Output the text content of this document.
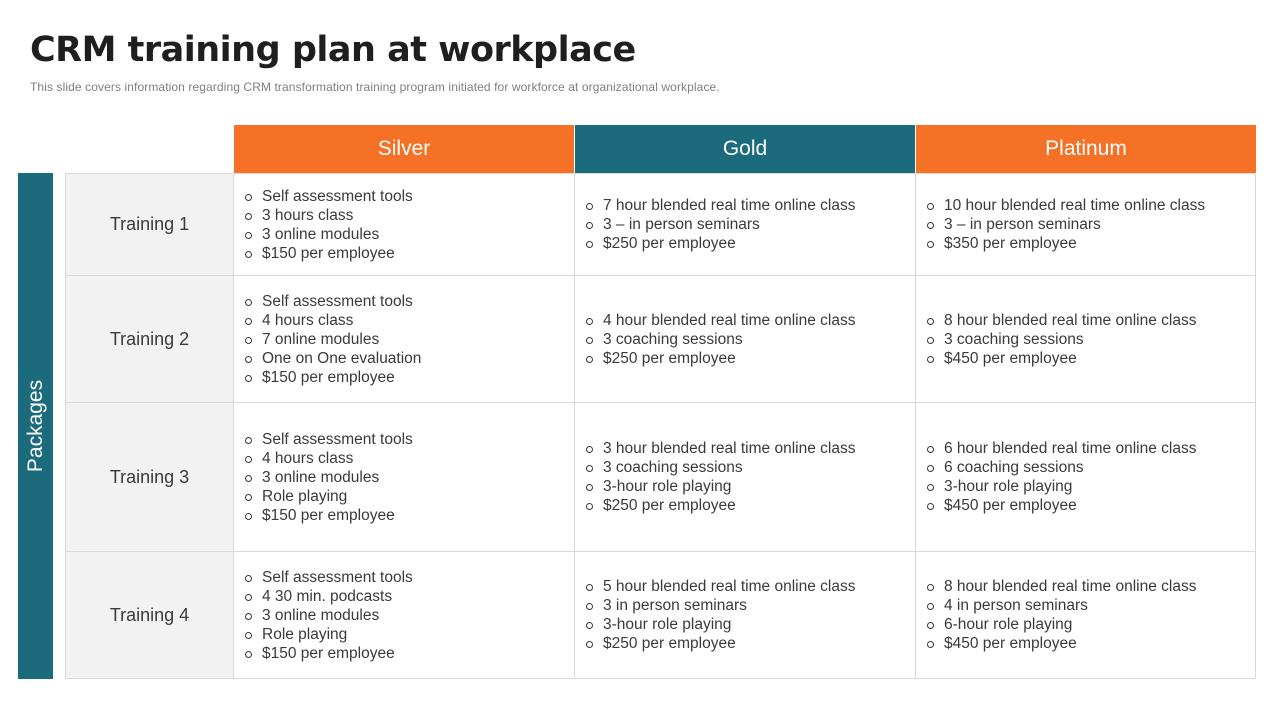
CRM training plan at workplace
This slide covers information regarding CRM transformation training program initiated for workforce at organizational workplace.
Packages
Silver	Gold	Platinum
Training 1
Self assessment tools
3 hours class
3 online modules
$150 per employee
7 hour blended real time online class
3 – in person seminars
$250 per employee
10 hour blended real time online class
3 – in person seminars
$350 per employee
Training 2
Self assessment tools
4 hours class
7 online modules
One on One evaluation
$150 per employee
4 hour blended real time online class
3 coaching sessions
$250 per employee
8 hour blended real time online class
3 coaching sessions
$450 per employee
Training 3
Self assessment tools
4 hours class
3 online modules
Role playing
$150 per employee
3 hour blended real time online class
3 coaching sessions
3-hour role playing
$250 per employee
6 hour blended real time online class
6 coaching sessions
3-hour role playing
$450 per employee
Training 4
Self assessment tools
4 30 min. podcasts
3 online modules
Role playing
$150 per employee
5 hour blended real time online class
3 in person seminars
3-hour role playing
$250 per employee
8 hour blended real time online class
4 in person seminars
6-hour role playing
$450 per employee
